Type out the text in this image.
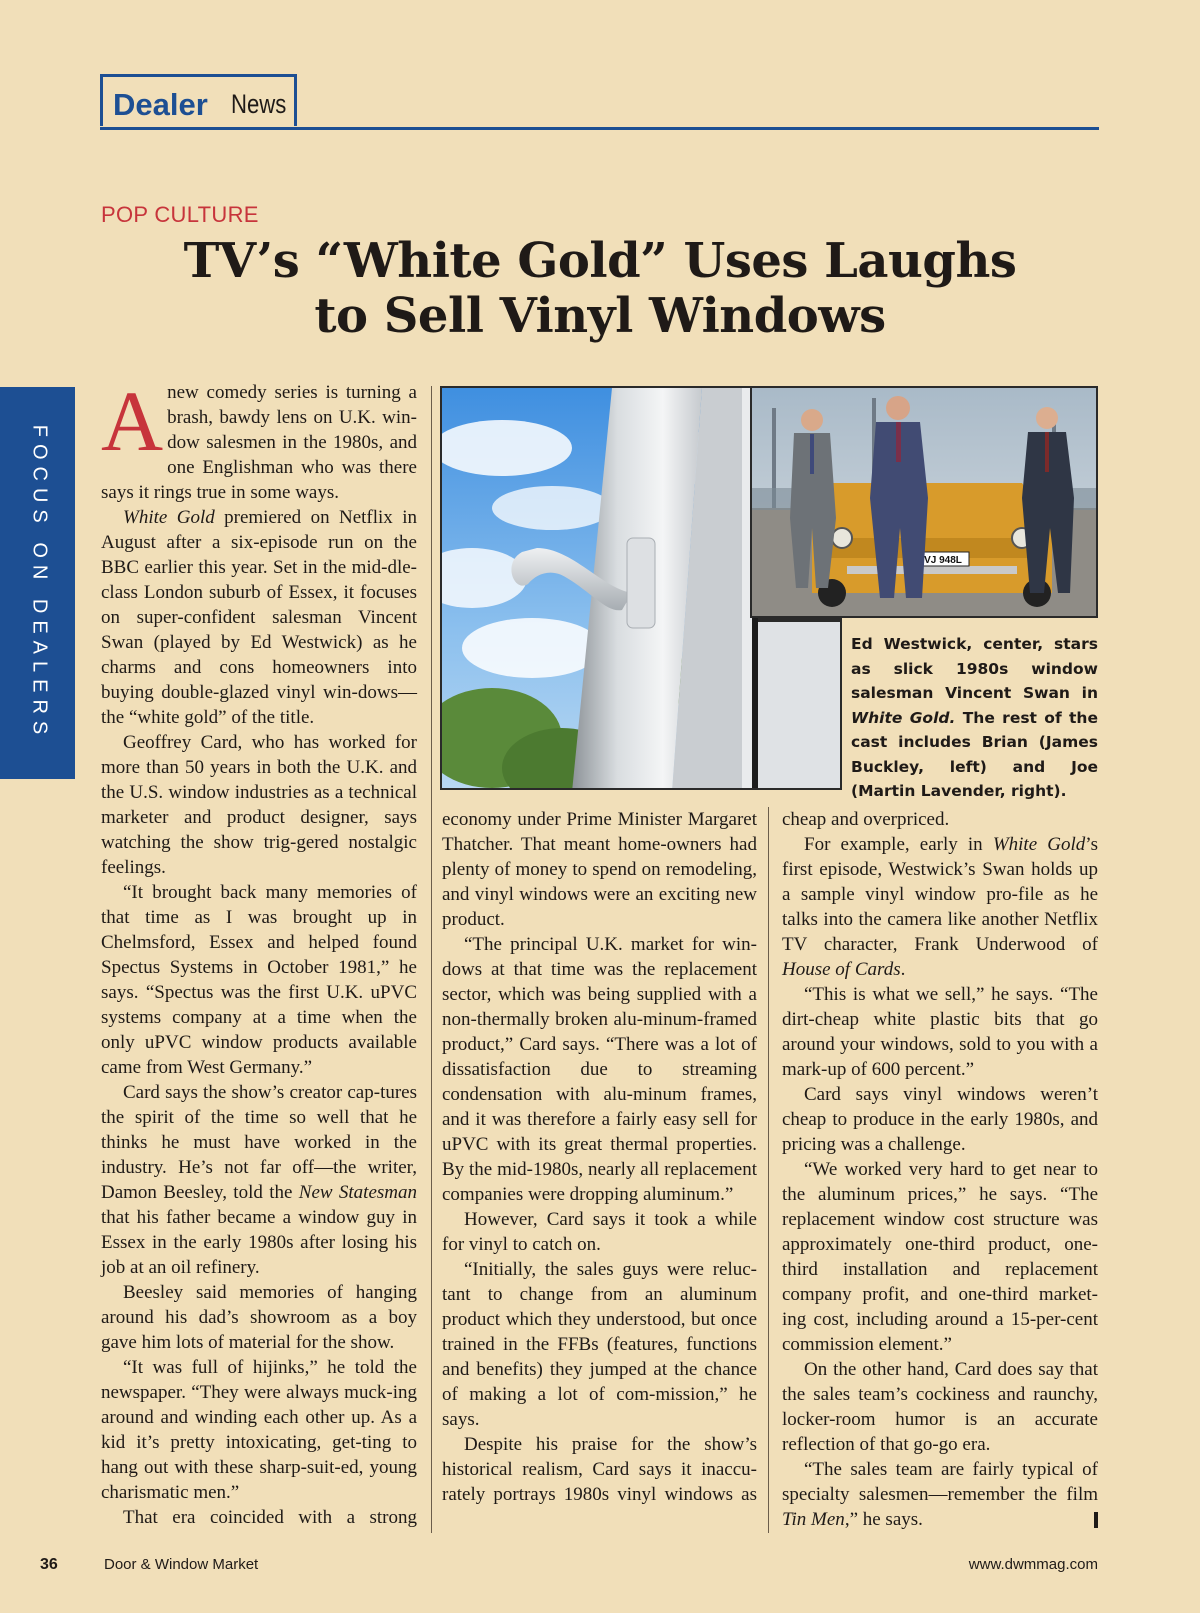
Dealer News
POP CULTURE
TV’s “White Gold” Uses Laughs
to Sell Vinyl Windows
FOCUS ON DEALERS

Anew comedy series is turning a brash, bawdy lens on U.K. win-dow salesmen in the 1980s, and one Englishman who was there says it rings true in some ways.

White Gold premiered on Netflix in August after a six-episode run on the BBC earlier this year. Set in the mid-dle-class London suburb of Essex, it focuses on super-confident salesman Vincent Swan (played by Ed Westwick) as he charms and cons homeowners into buying double-glazed vinyl win-dows—the “white gold” of the title.

Geoffrey Card, who has worked for more than 50 years in both the U.K. and the U.S. window industries as a technical marketer and product designer, says watching the show trig-gered nostalgic feelings.

“It brought back many memories of that time as I was brought up in Chelmsford, Essex and helped found Spectus Systems in October 1981,” he says. “Spectus was the first U.K. uPVC systems company at a time when the only uPVC window products available came from West Germany.”

Card says the show’s creator cap-tures the spirit of the time so well that he thinks he must have worked in the industry. He’s not far off—the writer, Damon Beesley, told the New Statesman that his father became a window guy in Essex in the early 1980s after losing his job at an oil refinery.

Beesley said memories of hanging around his dad’s showroom as a boy gave him lots of material for the show.

“It was full of hijinks,” he told the newspaper. “They were always muck-ing around and winding each other up. As a kid it’s pretty intoxicating, get-ting to hang out with these sharp-suit-ed, young charismatic men.”

That era coincided with a strong

VJ 948L
Ed Westwick, center, stars as slick 1980s window salesman Vincent Swan in White Gold. The rest of the cast includes Brian (James Buckley, left) and Joe (Martin Lavender, right).

economy under Prime Minister Margaret Thatcher. That meant home-owners had plenty of money to spend on remodeling, and vinyl windows were an exciting new product.

“The principal U.K. market for win-dows at that time was the replacement sector, which was being supplied with a non-thermally broken alu-minum-framed product,” Card says. “There was a lot of dissatisfaction due to streaming condensation with alu-minum frames, and it was therefore a fairly easy sell for uPVC with its great thermal properties. By the mid-1980s, nearly all replacement companies were dropping aluminum.”

However, Card says it took a while for vinyl to catch on.

“Initially, the sales guys were reluc-tant to change from an aluminum product which they understood, but once trained in the FFBs (features, functions and benefits) they jumped at the chance of making a lot of com-mission,” he says.

Despite his praise for the show’s historical realism, Card says it inaccu-rately portrays 1980s vinyl windows as

cheap and overpriced.

For example, early in White Gold’s first episode, Westwick’s Swan holds up a sample vinyl window pro-file as he talks into the camera like another Netflix TV character, Frank Underwood of House of Cards.

“This is what we sell,” he says. “The dirt-cheap white plastic bits that go around your windows, sold to you with a mark-up of 600 percent.”

Card says vinyl windows weren’t cheap to produce in the early 1980s, and pricing was a challenge.

“We worked very hard to get near to the aluminum prices,” he says. “The replacement window cost structure was approximately one-third product, one-third installation and replacement company profit, and one-third market-ing cost, including around a 15-per-cent commission element.”

On the other hand, Card does say that the sales team’s cockiness and raunchy, locker-room humor is an accurate reflection of that go-go era.

“The sales team are fairly typical of specialty salesmen—remember the film Tin Men,” he says.

36	Door & Window Market	www.dwmmag.com
